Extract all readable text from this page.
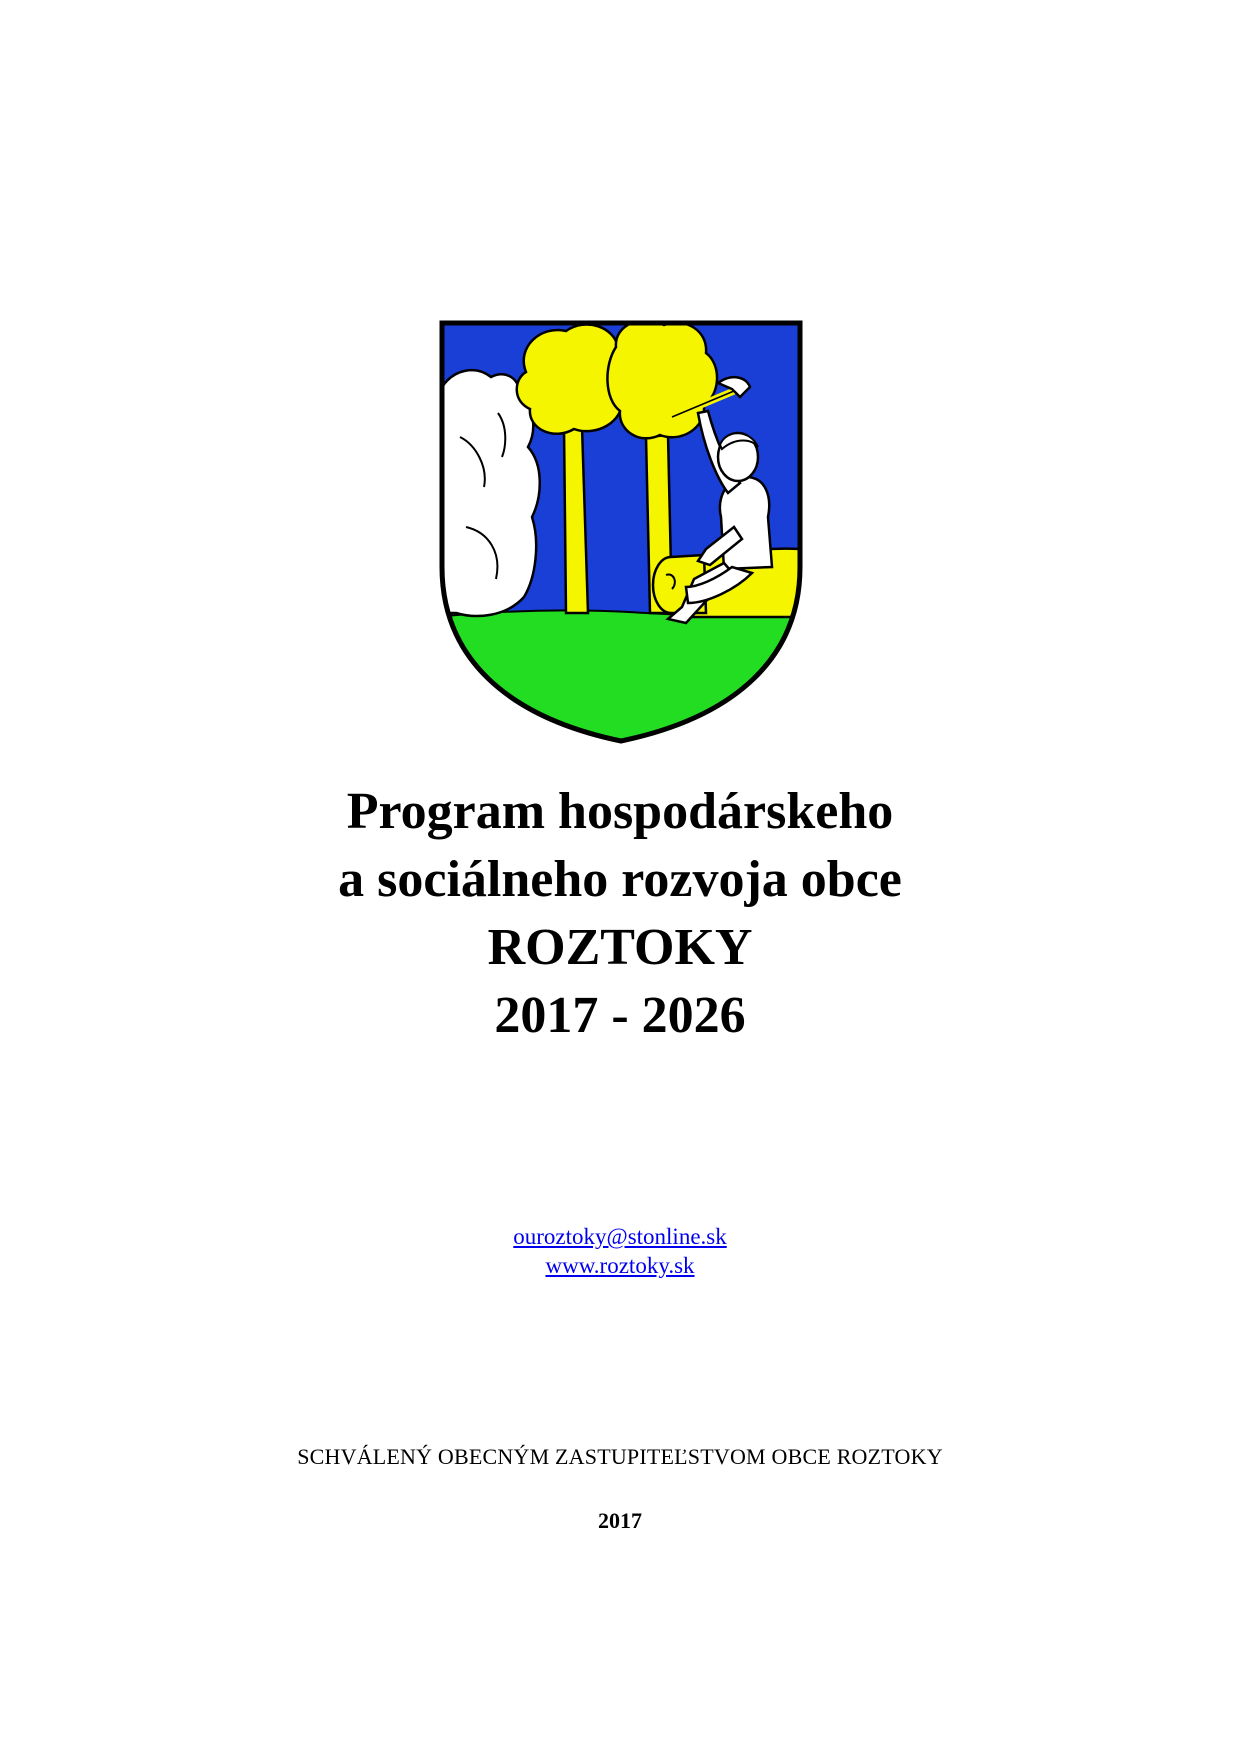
Program hospodárskeho
a sociálneho rozvoja obce
ROZTOKY
2017 - 2026
ouroztoky@stonline.sk
www.roztoky.sk
SCHVÁLENÝ OBECNÝM ZASTUPITEĽSTVOM OBCE ROZTOKY
2017
